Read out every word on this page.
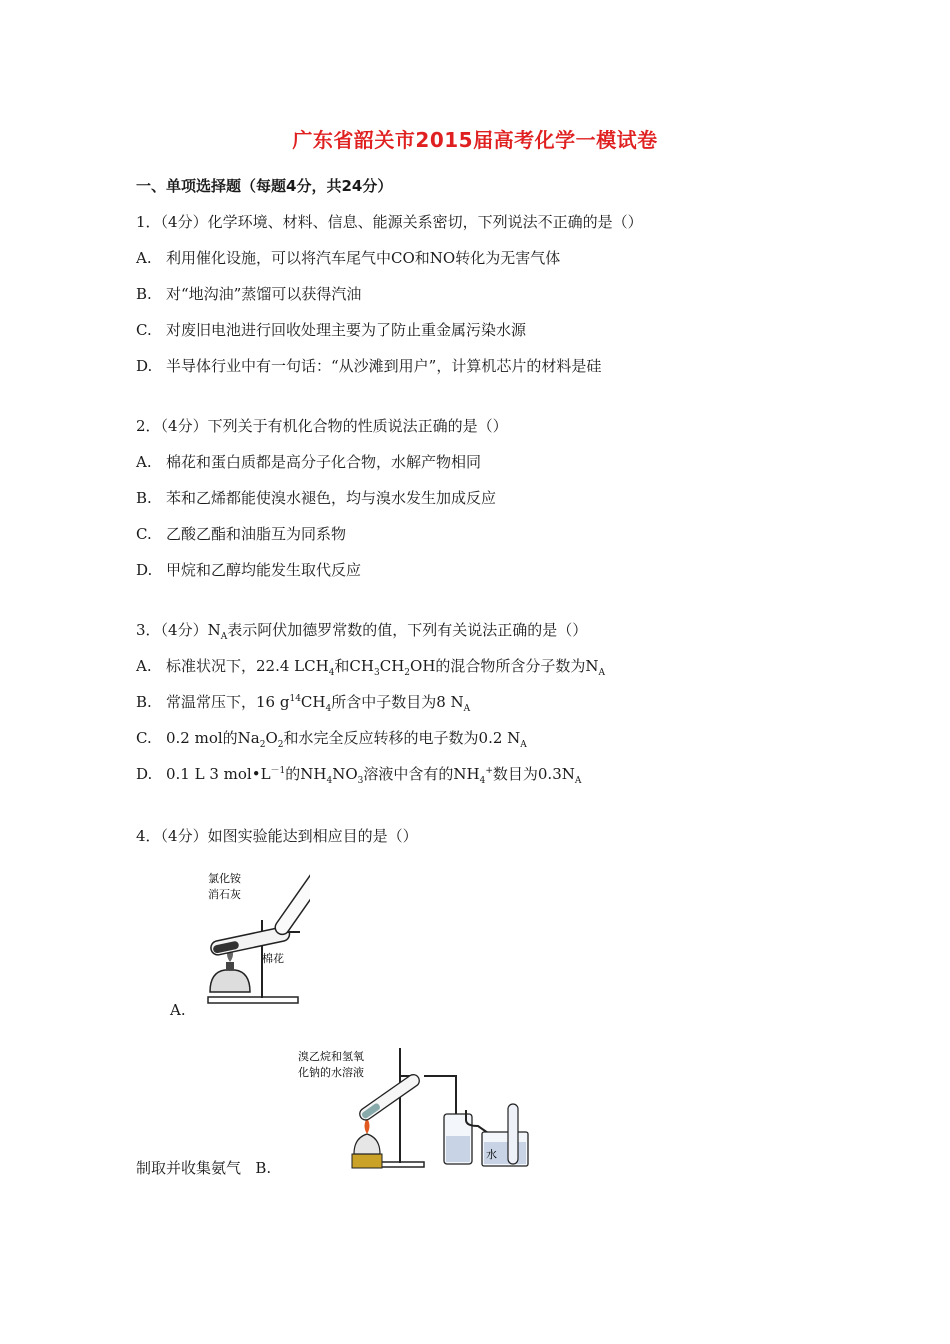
广东省韶关市2015届高考化学一模试卷
一、单项选择题（每题4分，共24分）
1．（4分）化学环境、材料、信息、能源关系密切，下列说法不正确的是（）
A. 利用催化设施，可以将汽车尾气中CO和NO转化为无害气体
B. 对“地沟油”蒸馏可以获得汽油
C. 对废旧电池进行回收处理主要为了防止重金属污染水源
D. 半导体行业中有一句话：“从沙滩到用户”，计算机芯片的材料是硅
2．（4分）下列关于有机化合物的性质说法正确的是（）
A. 棉花和蛋白质都是高分子化合物，水解产物相同
B. 苯和乙烯都能使溴水褪色，均与溴水发生加成反应
C. 乙酸乙酯和油脂互为同系物
D. 甲烷和乙醇均能发生取代反应
3．（4分）$N_A$表示阿伏加德罗常数的值，下列有关说法正确的是（）
A. 标准状况下，22.4 $LCH_4$和$CH_3CH_2OH$的混合物所含分子数为$N_A$
B. 常温常压下，16 $g^{14}CH_4$所含中子数目为8 $N_A$
C. 0.2 mol的$Na_2O_2$和水完全反应转移的电子数为0.2 $N_A$
D. 0.1 L 3 $mol•L^{-1}$的$NH_4NO_3$溶液中含有的$NH_4^+$数目为$0.3N_A$
4．（4分）如图实验能达到相应目的是（）
氯化铵
消石灰
棉花
A.
溴乙烷和氢氧
化钠的水溶液
水
制取并收集氨气 B.
